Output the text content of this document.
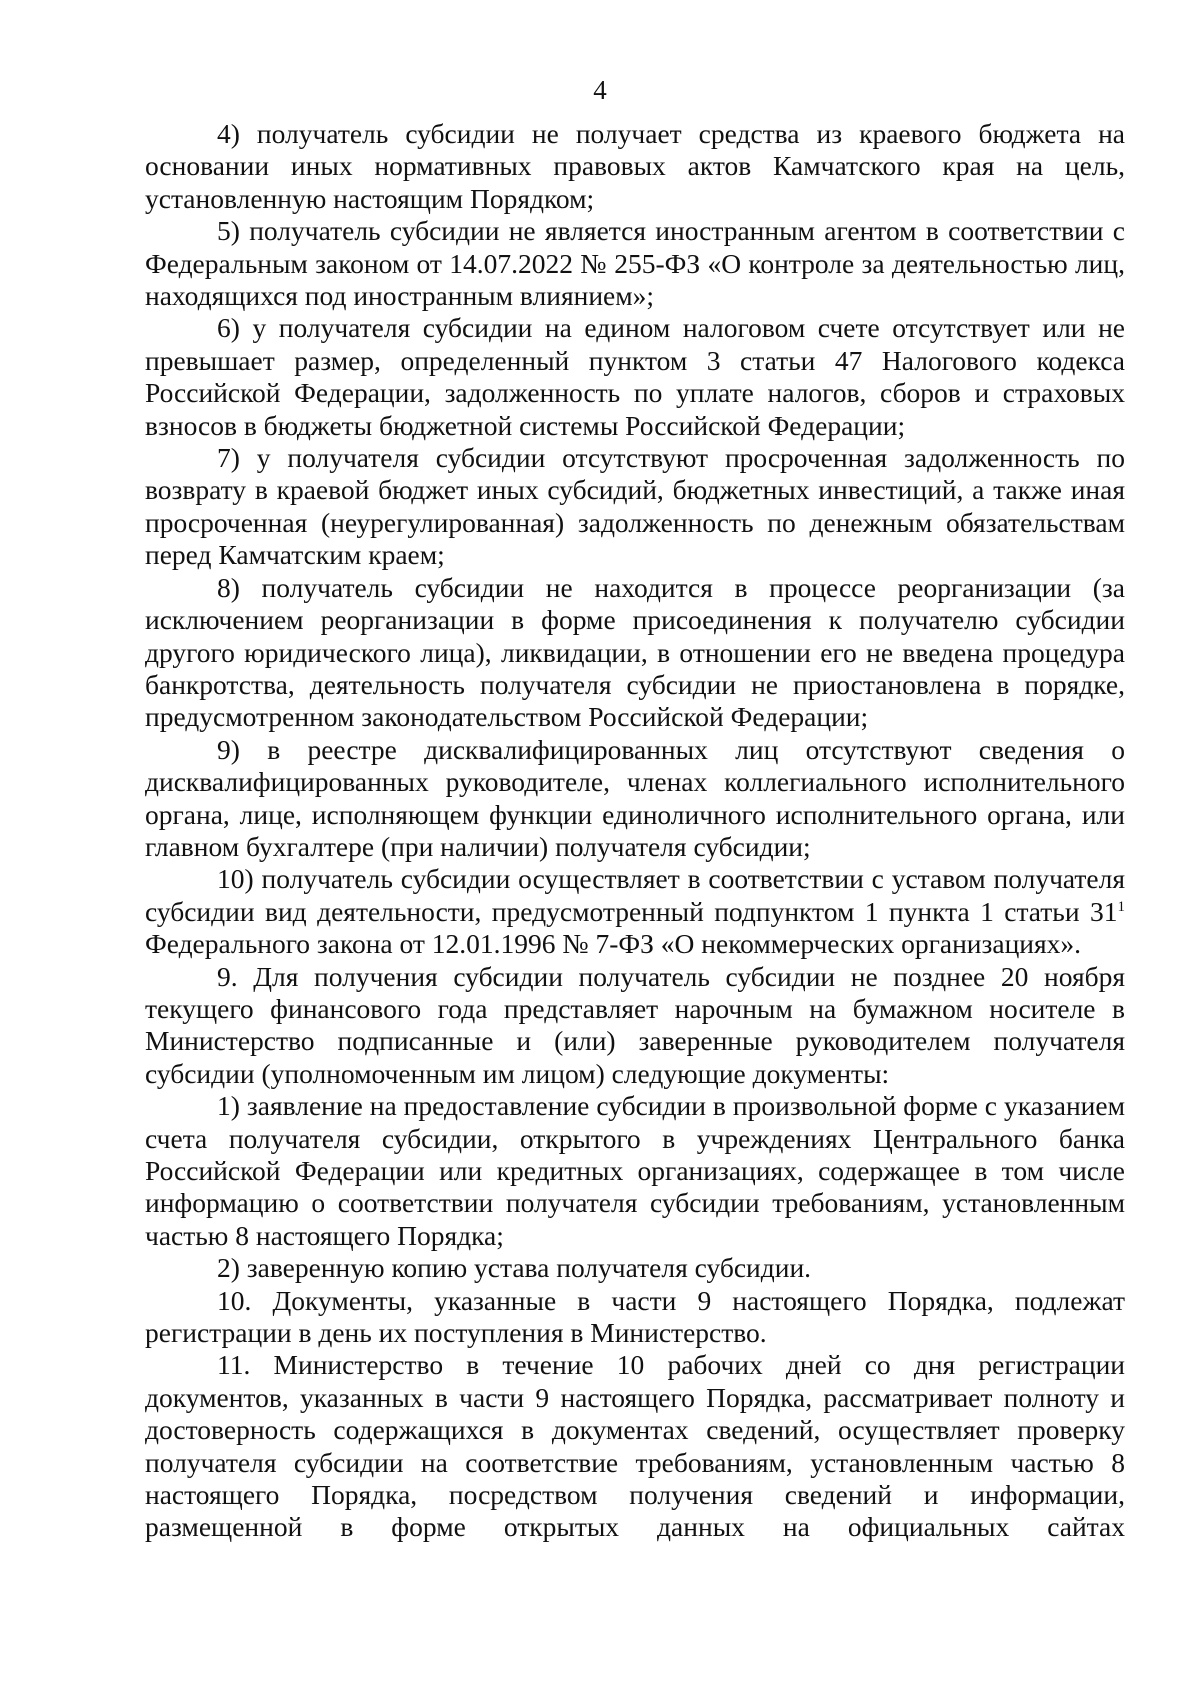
4

4) получатель субсидии не получает средства из краевого бюджета на основании иных нормативных правовых актов Камчатского края на цель, установленную настоящим Порядком;

5) получатель субсидии не является иностранным агентом в соответствии с Федеральным законом от 14.07.2022 № 255-ФЗ «О контроле за деятельностью лиц, находящихся под иностранным влиянием»;

6) у получателя субсидии на едином налоговом счете отсутствует или не превышает размер, определенный пунктом 3 статьи 47 Налогового кодекса Российской Федерации, задолженность по уплате налогов, сборов и страховых взносов в бюджеты бюджетной системы Российской Федерации;

7) у получателя субсидии отсутствуют просроченная задолженность по возврату в краевой бюджет иных субсидий, бюджетных инвестиций, а также иная просроченная (неурегулированная) задолженность по денежным обязательствам перед Камчатским краем;

8) получатель субсидии не находится в процессе реорганизации (за исключением реорганизации в форме присоединения к получателю субсидии другого юридического лица), ликвидации, в отношении его не введена процедура банкротства, деятельность получателя субсидии не приостановлена в порядке, предусмотренном законодательством Российской Федерации;

9) в реестре дисквалифицированных лиц отсутствуют сведения о дисквалифицированных руководителе, членах коллегиального исполнительного органа, лице, исполняющем функции единоличного исполнительного органа, или главном бухгалтере (при наличии) получателя субсидии;

10) получатель субсидии осуществляет в соответствии с уставом получателя субсидии вид деятельности, предусмотренный подпунктом 1 пункта 1 статьи $31^1$ Федерального закона от 12.01.1996 № 7-ФЗ «О некоммерческих организациях».

9. Для получения субсидии получатель субсидии не позднее 20 ноября текущего финансового года представляет нарочным на бумажном носителе в Министерство подписанные и (или) заверенные руководителем получателя субсидии (уполномоченным им лицом) следующие документы:

1) заявление на предоставление субсидии в произвольной форме с указанием счета получателя субсидии, открытого в учреждениях Центрального банка Российской Федерации или кредитных организациях, содержащее в том числе информацию о соответствии получателя субсидии требованиям, установленным частью 8 настоящего Порядка;

2) заверенную копию устава получателя субсидии.

10. Документы, указанные в части 9 настоящего Порядка, подлежат регистрации в день их поступления в Министерство.

11. Министерство в течение 10 рабочих дней со дня регистрации документов, указанных в части 9 настоящего Порядка, рассматривает полноту и достоверность содержащихся в документах сведений, осуществляет проверку получателя субсидии на соответствие требованиям, установленным частью 8 настоящего Порядка, посредством получения сведений и информации, размещенной в форме открытых данных на официальных сайтах
